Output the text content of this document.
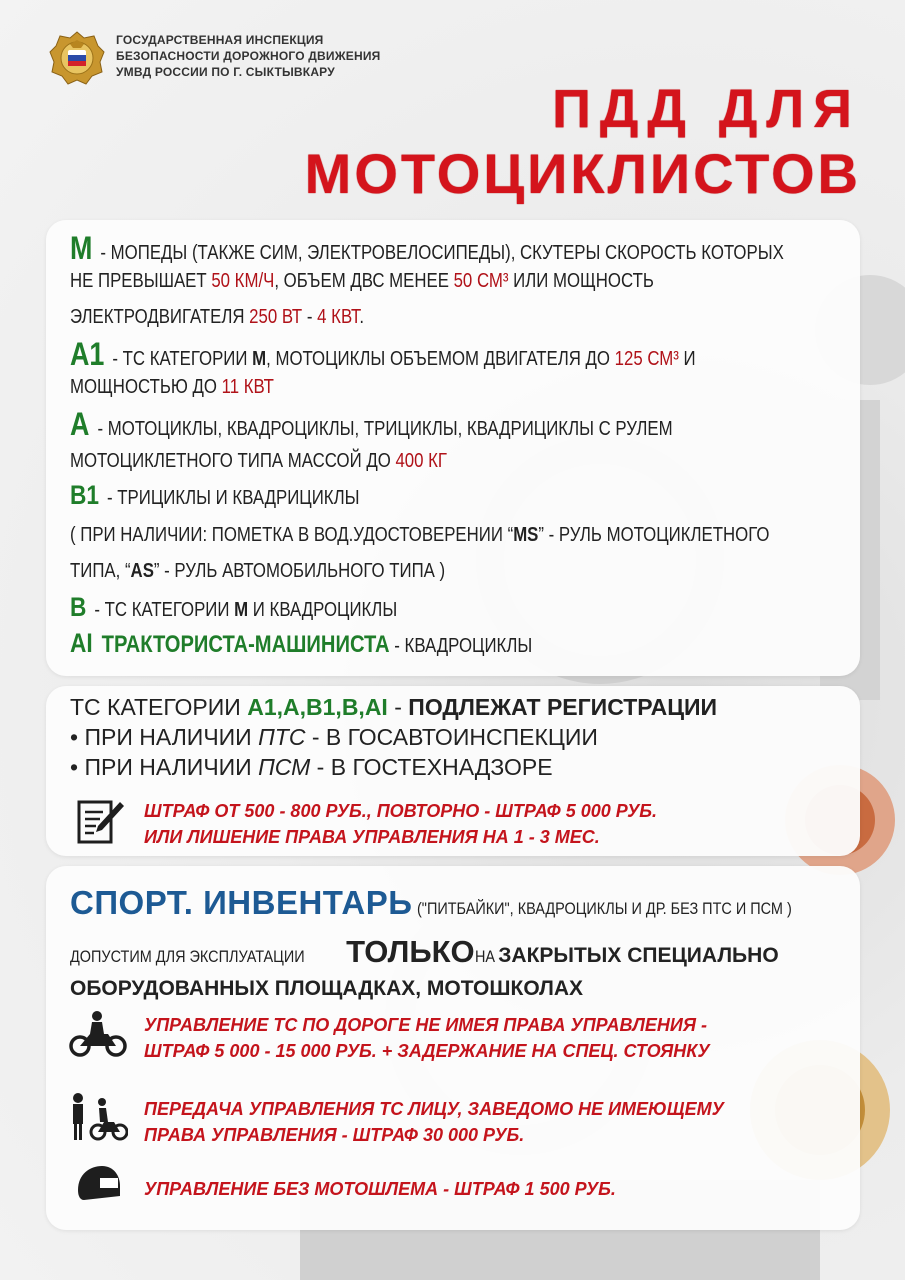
ГОСУДАРСТВЕННАЯ ИНСПЕКЦИЯ
БЕЗОПАСНОСТИ ДОРОЖНОГО ДВИЖЕНИЯ
УМВД РОССИИ ПО Г. СЫКТЫВКАРУ
ПДД ДЛЯ
МОТОЦИКЛИСТОВ
M - МОПЕДЫ (ТАКЖЕ СИМ, ЭЛЕКТРОВЕЛОСИПЕДЫ), СКУТЕРЫ СКОРОСТЬ КОТОРЫХ
НЕ ПРЕВЫШАЕТ 50 КМ/Ч, ОБЪЕМ ДВС МЕНЕЕ 50 СМ³ ИЛИ МОЩНОСТЬ
ЭЛЕКТРОДВИГАТЕЛЯ 250 ВТ - 4 КВТ.
A1 - ТС КАТЕГОРИИ М, МОТОЦИКЛЫ ОБЪЕМОМ ДВИГАТЕЛЯ ДО 125 СМ³ И
МОЩНОСТЬЮ ДО 11 КВТ
A - МОТОЦИКЛЫ, КВАДРОЦИКЛЫ, ТРИЦИКЛЫ, КВАДРИЦИКЛЫ С РУЛЕМ
МОТОЦИКЛЕТНОГО ТИПА МАССОЙ ДО 400 КГ
B1 - ТРИЦИКЛЫ И КВАДРИЦИКЛЫ
( ПРИ НАЛИЧИИ: ПОМЕТКА В ВОД.УДОСТОВЕРЕНИИ “MS” - РУЛЬ МОТОЦИКЛЕТНОГО
ТИПА, “AS” - РУЛЬ АВТОМОБИЛЬНОГО ТИПА )
B - ТС КАТЕГОРИИ М И КВАДРОЦИКЛЫ
AI ТРАКТОРИСТА-МАШИНИСТА - КВАДРОЦИКЛЫ
ТС КАТЕГОРИИ A1,A,B1,B,AI - ПОДЛЕЖАТ РЕГИСТРАЦИИ
• ПРИ НАЛИЧИИ ПТС - В ГОСАВТОИНСПЕКЦИИ
• ПРИ НАЛИЧИИ ПСМ - В ГОСТЕХНАДЗОРЕ
ШТРАФ ОТ 500 - 800 РУБ., ПОВТОРНО - ШТРАФ 5 000 РУБ.
ИЛИ ЛИШЕНИЕ ПРАВА УПРАВЛЕНИЯ НА 1 - 3 МЕС.
СПОРТ. ИНВЕНТАРЬ ("ПИТБАЙКИ", КВАДРОЦИКЛЫ И ДР. БЕЗ ПТС И ПСМ )
ДОПУСТИМ ДЛЯ ЭКСПЛУАТАЦИИТОЛЬКОНАЗАКРЫТЫХ СПЕЦИАЛЬНО
ОБОРУДОВАННЫХ ПЛОЩАДКАХ, МОТОШКОЛАХ
УПРАВЛЕНИЕ ТС ПО ДОРОГЕ НЕ ИМЕЯ ПРАВА УПРАВЛЕНИЯ -
ШТРАФ 5 000 - 15 000 РУБ. + ЗАДЕРЖАНИЕ НА СПЕЦ. СТОЯНКУ
ПЕРЕДАЧА УПРАВЛЕНИЯ ТС ЛИЦУ, ЗАВЕДОМО НЕ ИМЕЮЩЕМУ
ПРАВА УПРАВЛЕНИЯ - ШТРАФ 30 000 РУБ.
УПРАВЛЕНИЕ БЕЗ МОТОШЛЕМА - ШТРАФ 1 500 РУБ.
